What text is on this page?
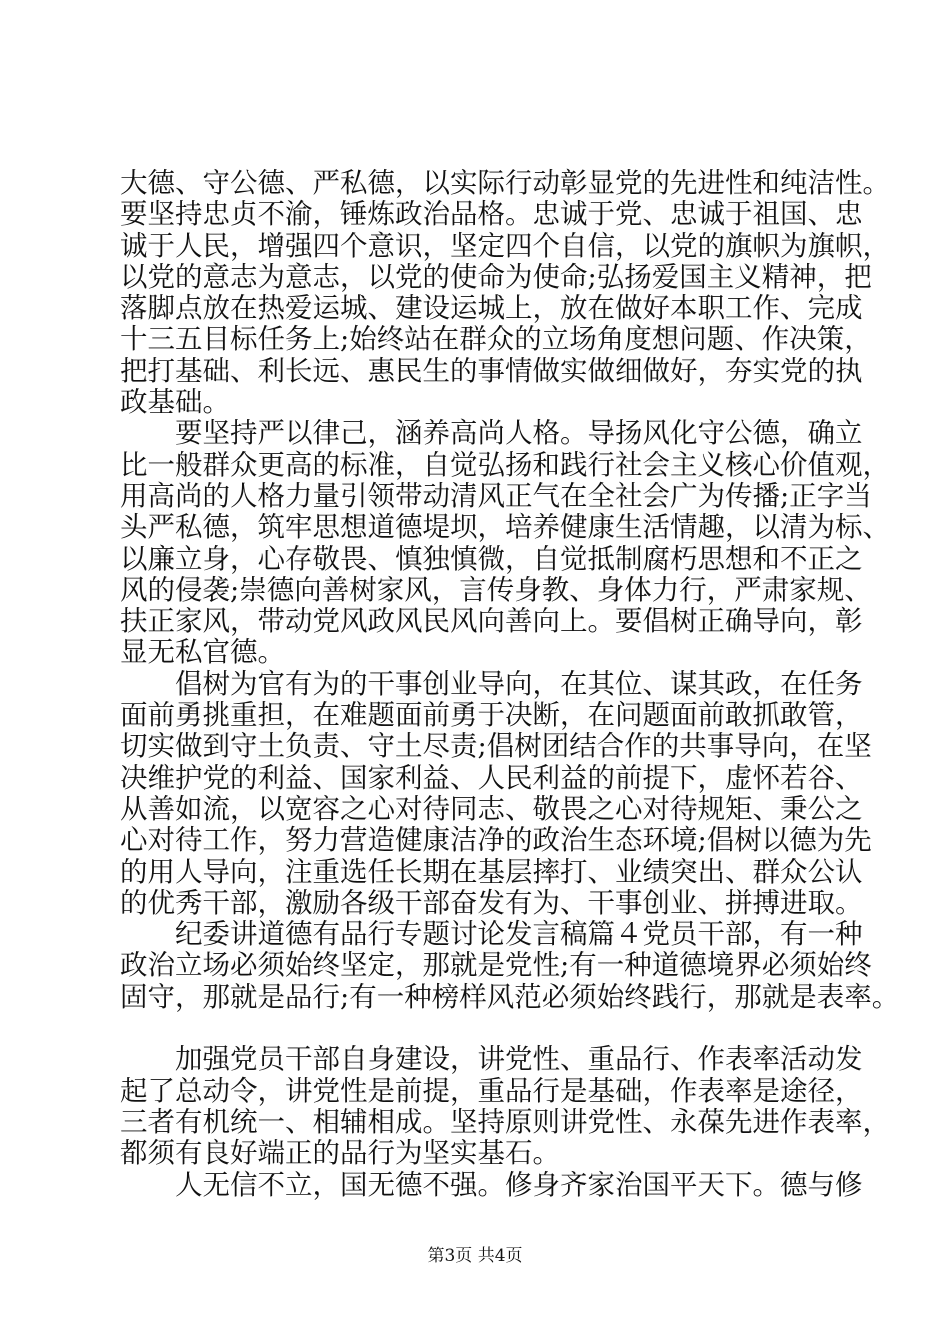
大德、守公德、严私德，以实际行动彰显党的先进性和纯洁性。
要坚持忠贞不渝，锤炼政治品格。忠诚于党、忠诚于祖国、忠
诚于人民，增强四个意识，坚定四个自信，以党的旗帜为旗帜，
以党的意志为意志，以党的使命为使命;弘扬爱国主义精神，把
落脚点放在热爱运城、建设运城上，放在做好本职工作、完成
十三五目标任务上;始终站在群众的立场角度想问题、作决策，
把打基础、利长远、惠民生的事情做实做细做好，夯实党的执
政基础。
　　要坚持严以律己，涵养高尚人格。导扬风化守公德，确立
比一般群众更高的标准，自觉弘扬和践行社会主义核心价值观，
用高尚的人格力量引领带动清风正气在全社会广为传播;正字当
头严私德，筑牢思想道德堤坝，培养健康生活情趣，以清为标、
以廉立身，心存敬畏、慎独慎微，自觉抵制腐朽思想和不正之
风的侵袭;崇德向善树家风，言传身教、身体力行，严肃家规、
扶正家风，带动党风政风民风向善向上。要倡树正确导向，彰
显无私官德。
　　倡树为官有为的干事创业导向，在其位、谋其政，在任务
面前勇挑重担，在难题面前勇于决断，在问题面前敢抓敢管，
切实做到守土负责、守土尽责;倡树团结合作的共事导向，在坚
决维护党的利益、国家利益、人民利益的前提下，虚怀若谷、
从善如流，以宽容之心对待同志、敬畏之心对待规矩、秉公之
心对待工作，努力营造健康洁净的政治生态环境;倡树以德为先
的用人导向，注重选任长期在基层摔打、业绩突出、群众公认
的优秀干部，激励各级干部奋发有为、干事创业、拼搏进取。
　　纪委讲道德有品行专题讨论发言稿篇４党员干部，有一种
政治立场必须始终坚定，那就是党性;有一种道德境界必须始终
固守，那就是品行;有一种榜样风范必须始终践行，那就是表率。
　　加强党员干部自身建设，讲党性、重品行、作表率活动发
起了总动令，讲党性是前提，重品行是基础，作表率是途径，
三者有机统一、相辅相成。坚持原则讲党性、永葆先进作表率，
都须有良好端正的品行为坚实基石。
　　人无信不立，国无德不强。修身齐家治国平天下。德与修
第3页 共4页
